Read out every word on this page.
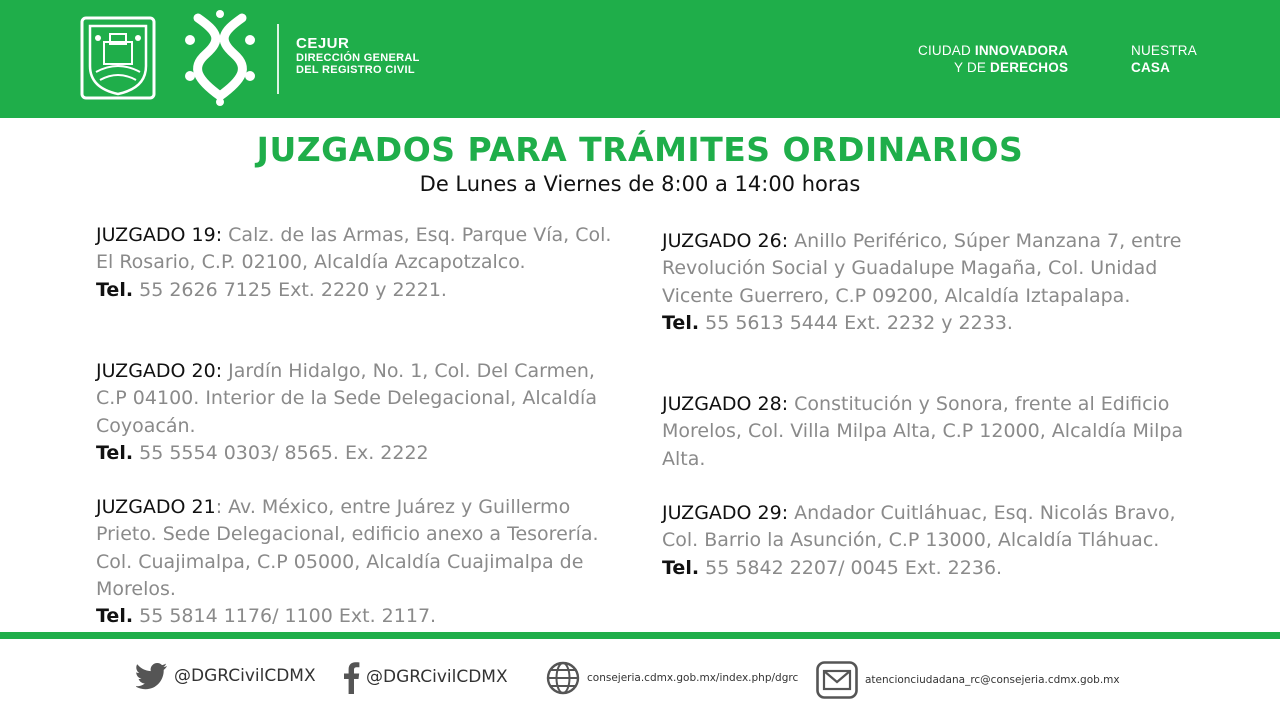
CEJUR
DIRECCIÓN GENERAL
DEL REGISTRO CIVIL
CIUDAD INNOVADORA
Y DE DERECHOS
NUESTRA
CASA
JUZGADOS PARA TRÁMITES ORDINARIOS
De Lunes a Viernes de 8:00 a 14:00 horas
JUZGADO 19: Calz. de las Armas, Esq. Parque Vía, Col. El Rosario, C.P. 02100, Alcaldía Azcapotzalco.
Tel. 55 2626 7125 Ext. 2220 y 2221.
JUZGADO 20: Jardín Hidalgo, No. 1, Col. Del Carmen, C.P 04100. Interior de la Sede Delegacional, Alcaldía Coyoacán.
Tel. 55 5554 0303/ 8565. Ex. 2222
JUZGADO 21: Av. México, entre Juárez y Guillermo Prieto. Sede Delegacional, edificio anexo a Tesorería. Col. Cuajimalpa, C.P 05000, Alcaldía Cuajimalpa de Morelos.
Tel. 55 5814 1176/ 1100 Ext. 2117.
JUZGADO 26: Anillo Periférico, Súper Manzana 7, entre Revolución Social y Guadalupe Magaña, Col. Unidad Vicente Guerrero, C.P 09200, Alcaldía Iztapalapa.
Tel. 55 5613 5444 Ext. 2232 y 2233.
JUZGADO 28: Constitución y Sonora, frente al Edificio Morelos, Col. Villa Milpa Alta, C.P 12000, Alcaldía Milpa Alta.
JUZGADO 29: Andador Cuitláhuac, Esq. Nicolás Bravo, Col. Barrio la Asunción, C.P 13000, Alcaldía Tláhuac.
Tel. 55 5842 2207/ 0045 Ext. 2236.
@DGRCivilCDMX	@DGRCivilCDMX	consejeria.cdmx.gob.mx/index.php/dgrc	atencionciudadana_rc@consejeria.cdmx.gob.mx
